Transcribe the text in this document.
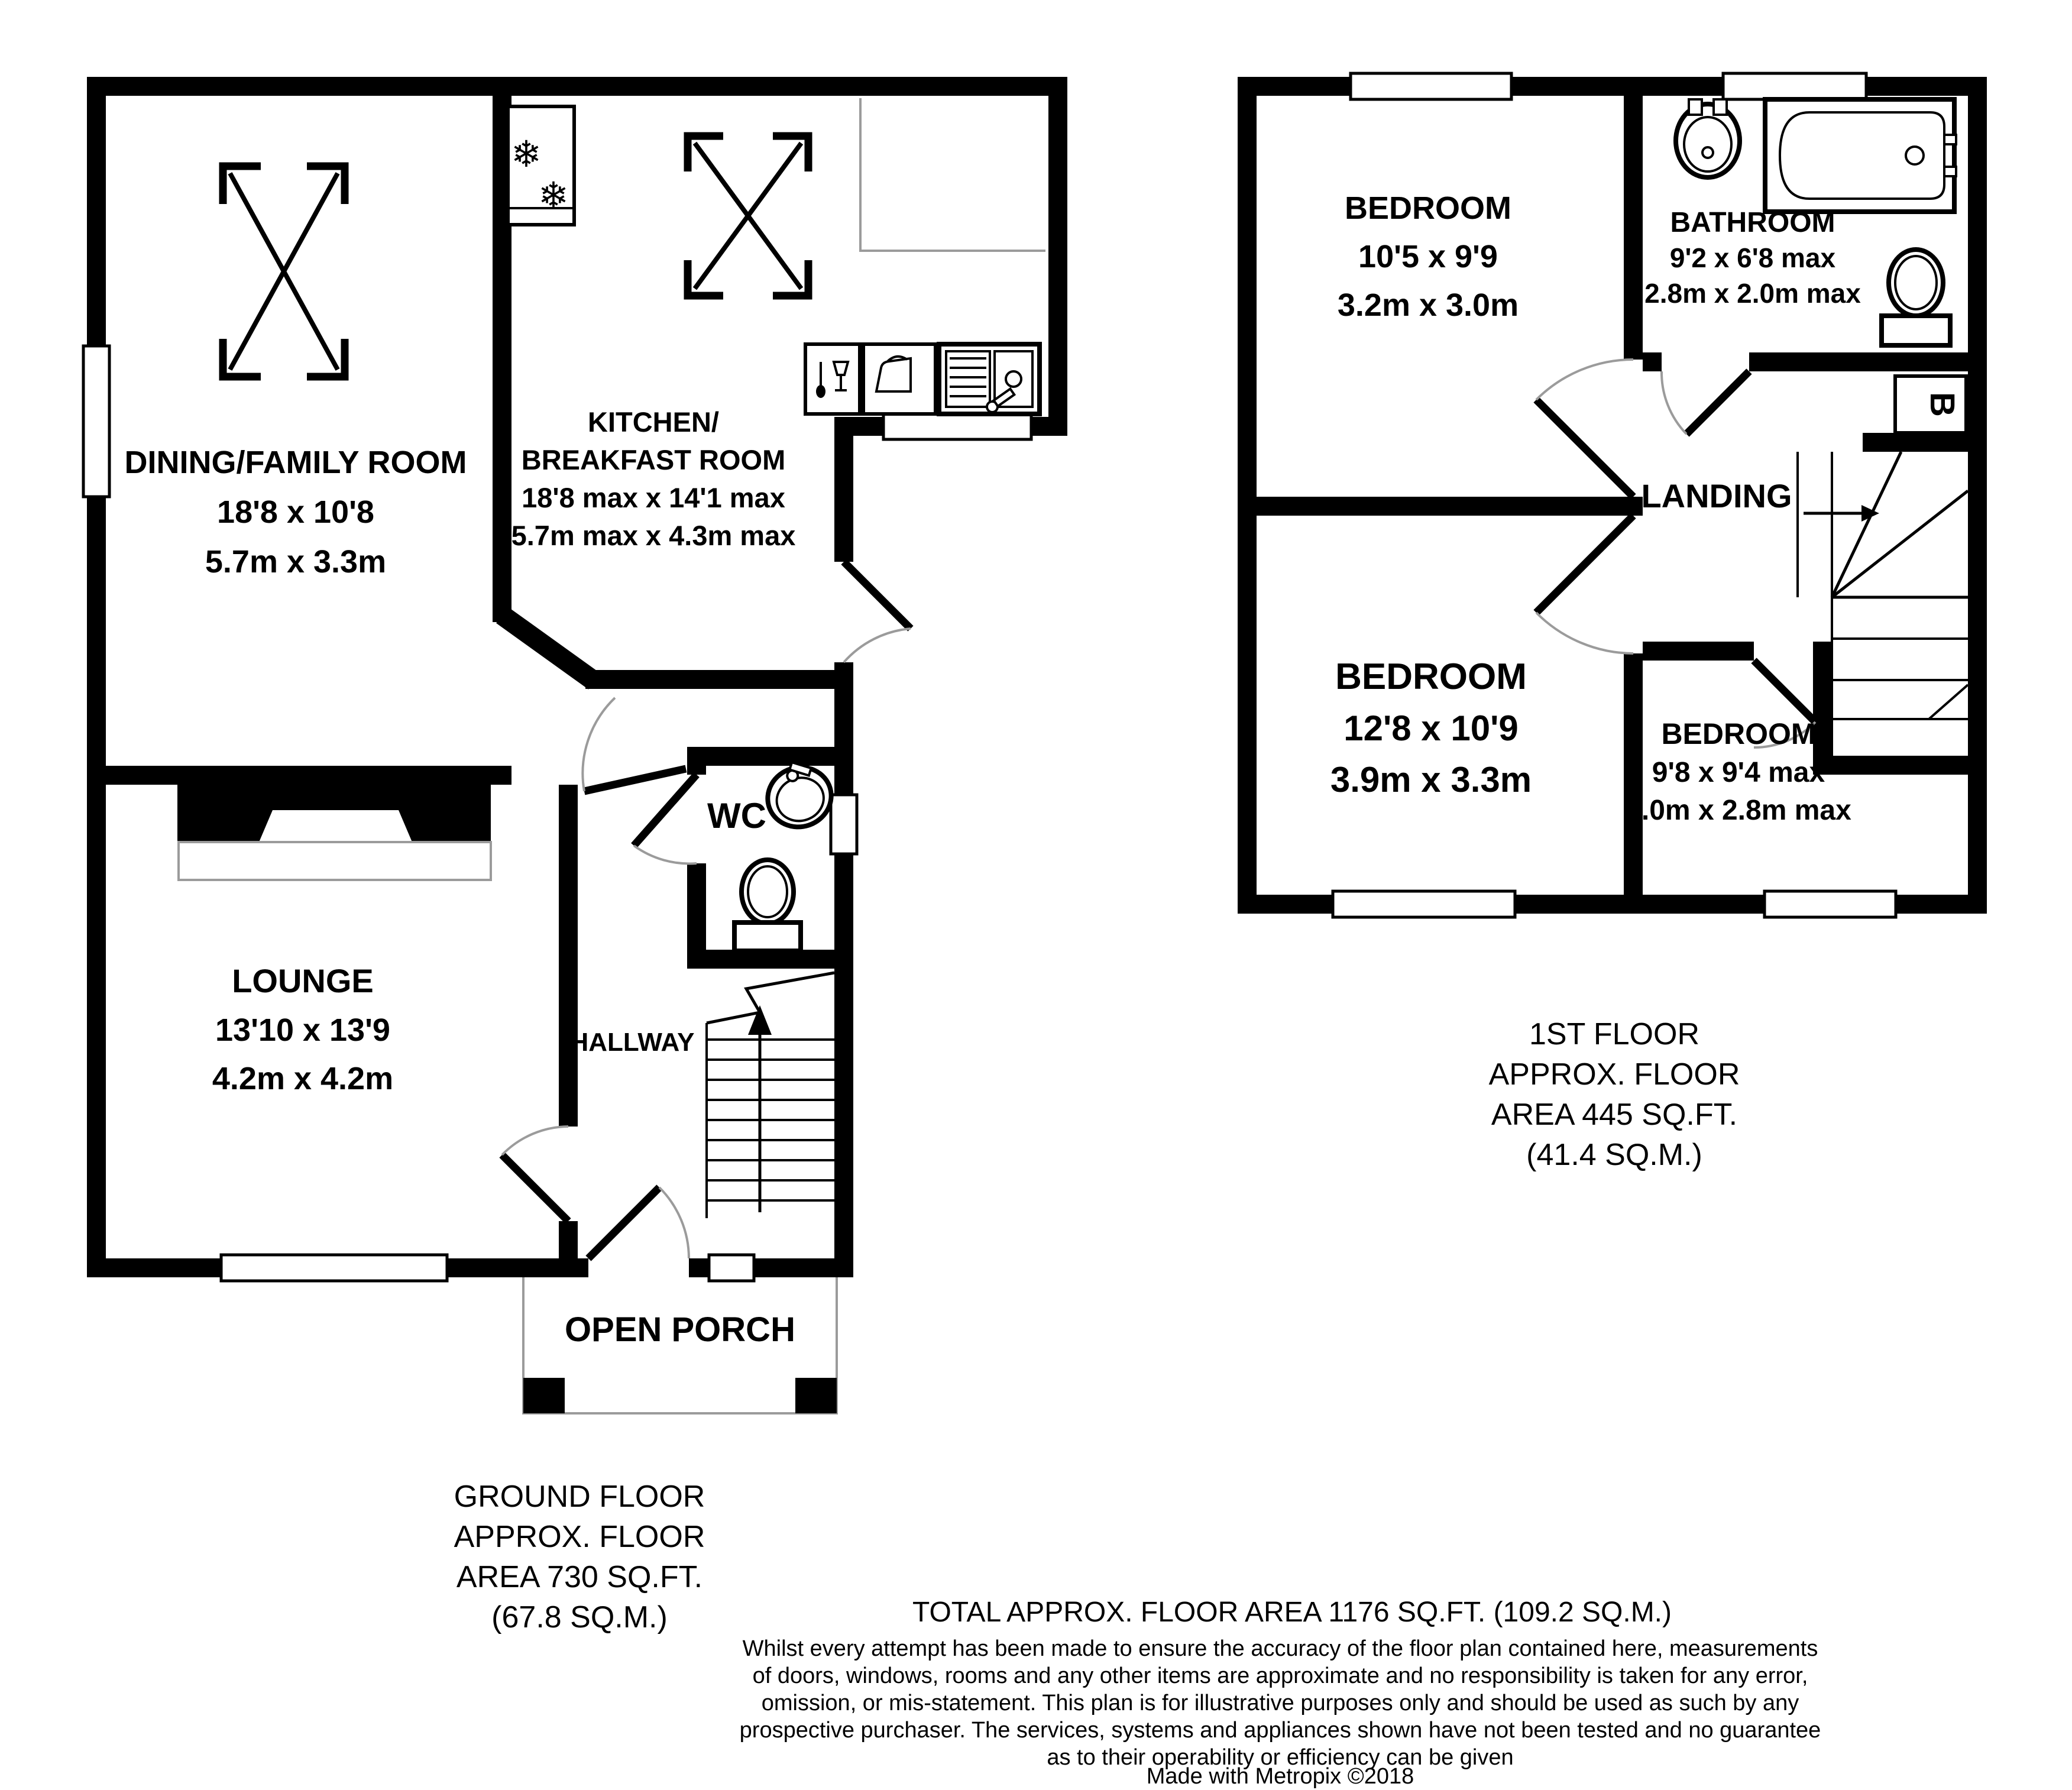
❄
❄
DINING/FAMILY ROOM
18'8 x 10'8
5.7m x 3.3m
KITCHEN/
BREAKFAST ROOM
18'8 max x 14'1 max
5.7m max x 4.3m max
LOUNGE
13'10 x 13'9
4.2m x 4.2m
WC
HALLWAY
OPEN PORCH
GROUND FLOOR
APPROX. FLOOR
AREA 730 SQ.FT.
(67.8 SQ.M.)
B
BEDROOM
10'5 x 9'9
3.2m x 3.0m
BATHROOM
9'2 x 6'8 max
2.8m x 2.0m max
LANDING
BEDROOM
12'8 x 10'9
3.9m x 3.3m
BEDROOM
9'8 x 9'4 max
3.0m x 2.8m max
1ST FLOOR
APPROX. FLOOR
AREA 445 SQ.FT.
(41.4 SQ.M.)
TOTAL APPROX. FLOOR AREA 1176 SQ.FT. (109.2 SQ.M.)
Whilst every attempt has been made to ensure the accuracy of the floor plan contained here, measurements
of doors, windows, rooms and any other items are approximate and no responsibility is taken for any error,
omission, or mis-statement. This plan is for illustrative purposes only and should be used as such by any
prospective purchaser. The services, systems and appliances shown have not been tested and no guarantee
as to their operability or efficiency can be given
Made with Metropix ©2018
